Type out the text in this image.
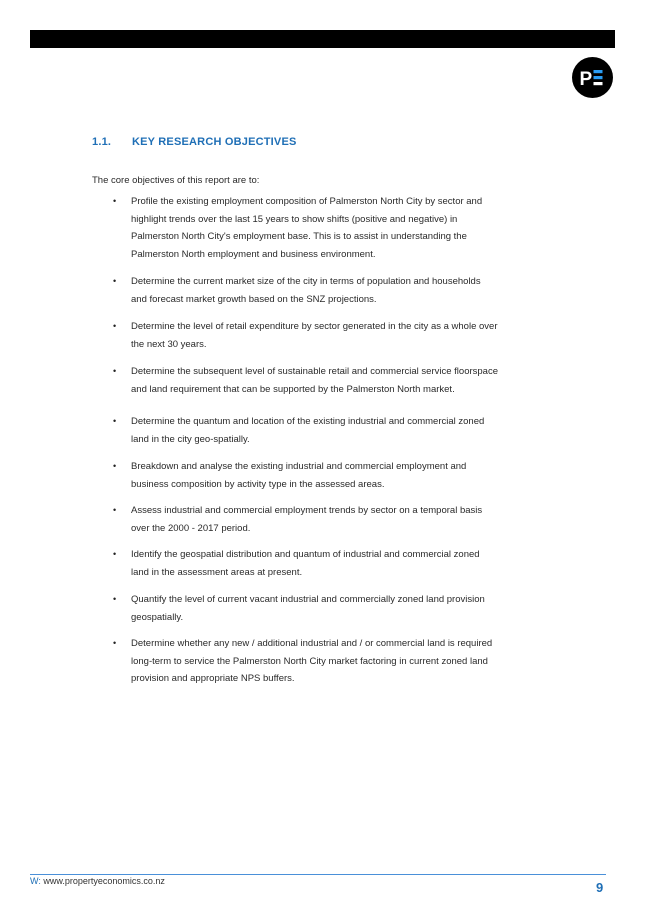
P
1.1. KEY RESEARCH OBJECTIVES
The core objectives of this report are to:
• Profile the existing employment composition of Palmerston North City by sector and
highlight trends over the last 15 years to show shifts (positive and negative) in
Palmerston North City's employment base. This is to assist in understanding the
Palmerston North employment and business environment.
• Determine the current market size of the city in terms of population and households
and forecast market growth based on the SNZ projections.
• Determine the level of retail expenditure by sector generated in the city as a whole over
the next 30 years.
• Determine the subsequent level of sustainable retail and commercial service floorspace
and land requirement that can be supported by the Palmerston North market.
• Determine the quantum and location of the existing industrial and commercial zoned
land in the city geo-spatially.
• Breakdown and analyse the existing industrial and commercial employment and
business composition by activity type in the assessed areas.
• Assess industrial and commercial employment trends by sector on a temporal basis
over the 2000 - 2017 period.
• Identify the geospatial distribution and quantum of industrial and commercial zoned
land in the assessment areas at present.
• Quantify the level of current vacant industrial and commercially zoned land provision
geospatially.
• Determine whether any new / additional industrial and / or commercial land is required
long-term to service the Palmerston North City market factoring in current zoned land
provision and appropriate NPS buffers.
W: www.propertyeconomics.co.nz	9
